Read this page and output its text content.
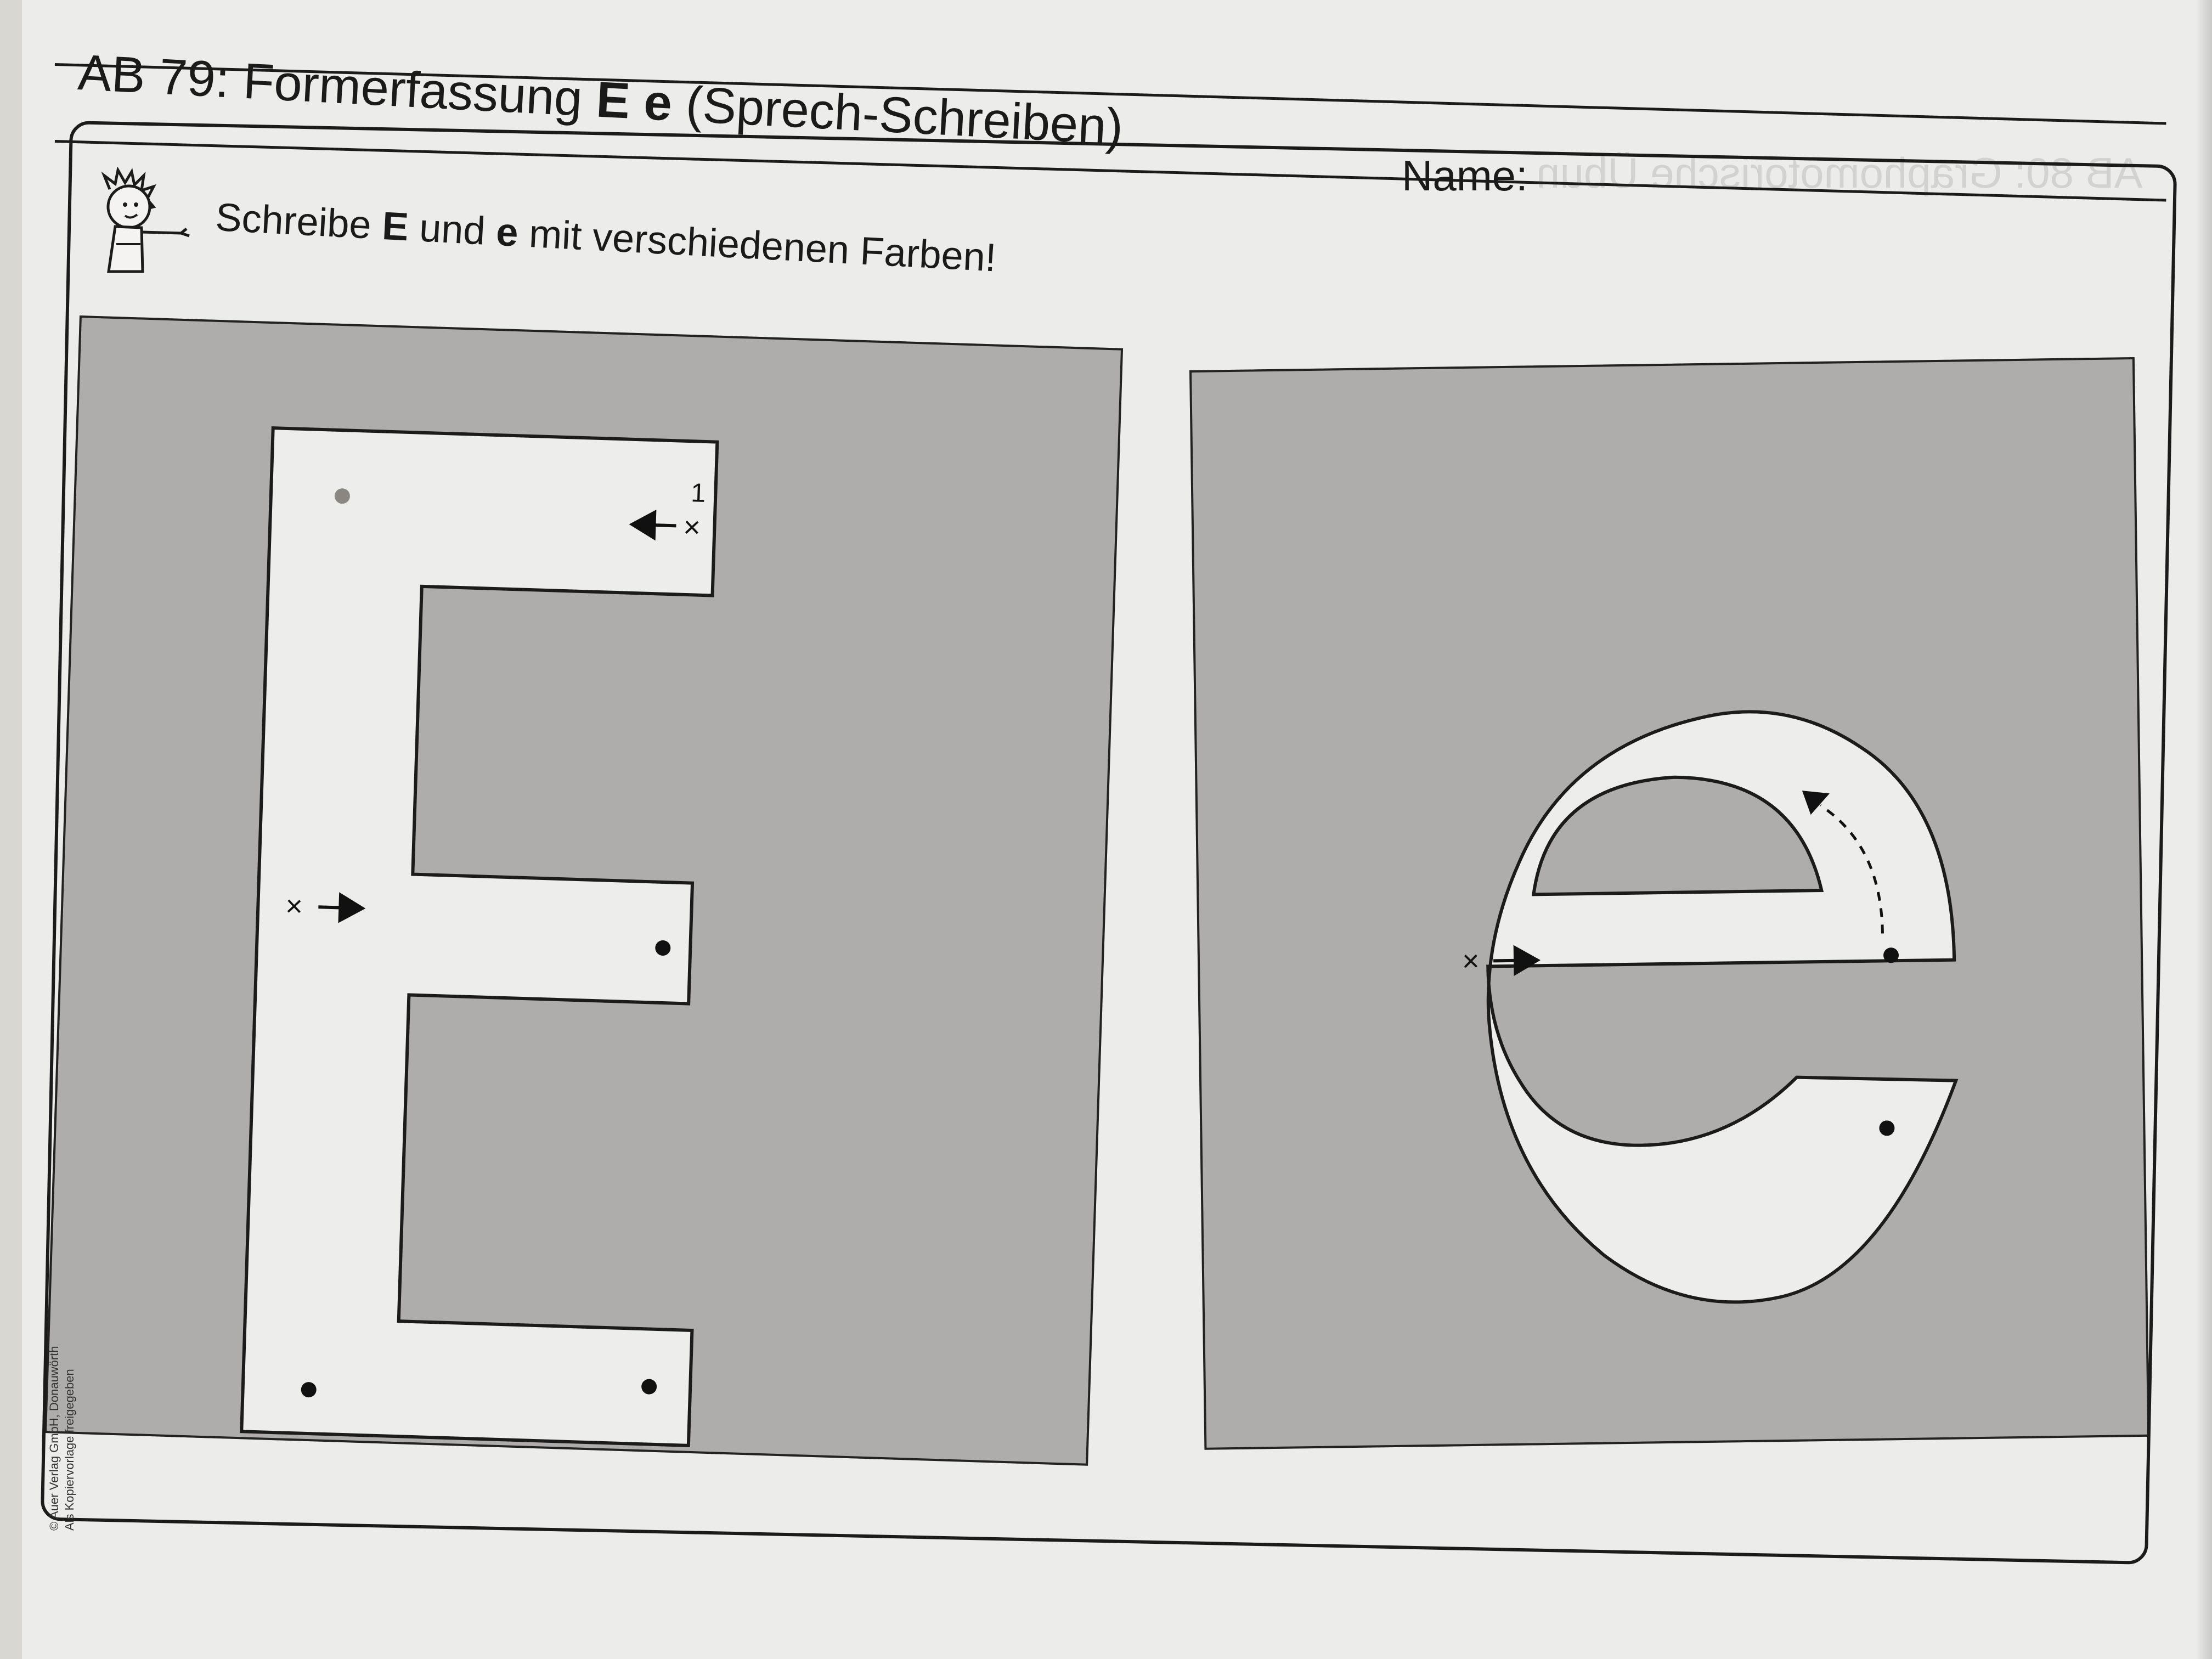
AB 79: Formerfassung E e (Sprech-Schreiben)
Name: AB 80: Graphomotorische Übun
Schreibe E und e mit verschiedenen Farben!
1
×
×
×
© Auer Verlag GmbH, Donauwörth Als Kopiervorlage freigegeben
